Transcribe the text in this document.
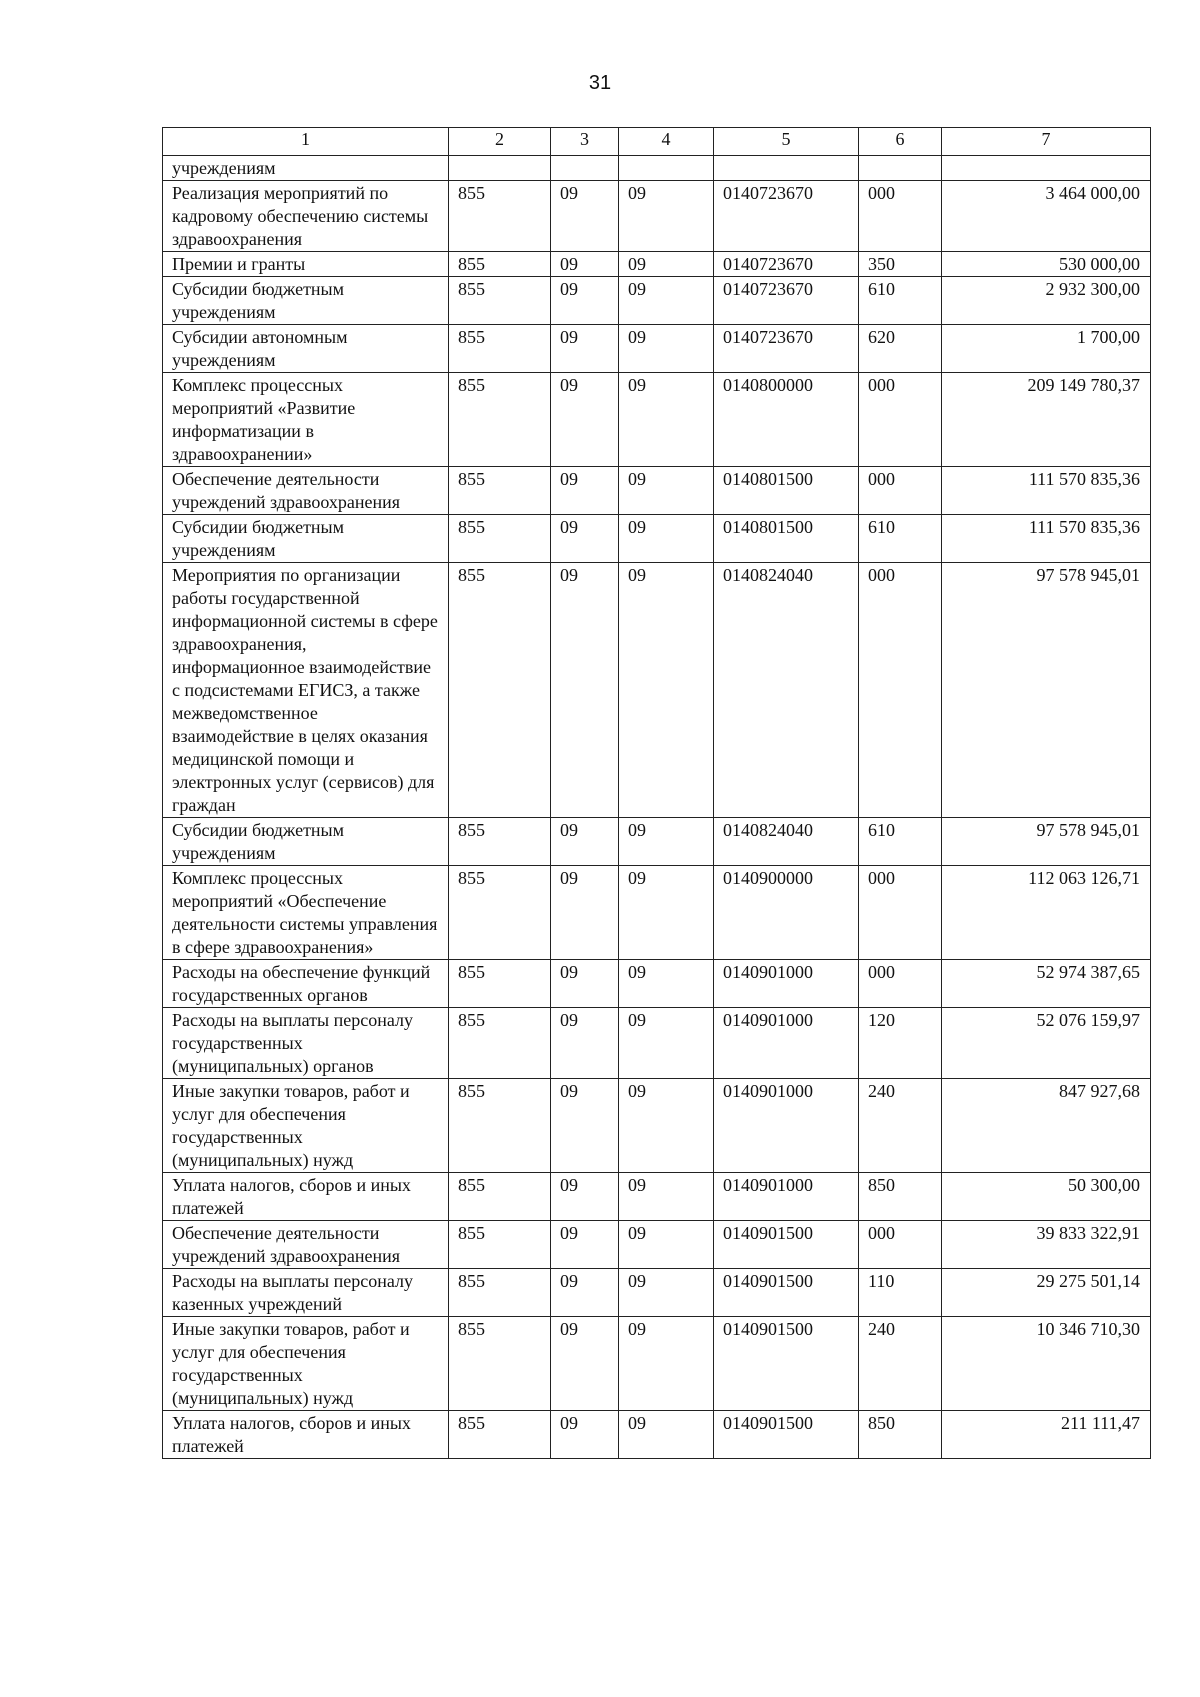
31
1	2	3	4	5	6	7
учреждениям						
Реализация мероприятий по кадровому обеспечению системы здравоохранения	855	09	09	0140723670	000	3 464 000,00
Премии и гранты	855	09	09	0140723670	350	530 000,00
Субсидии бюджетным учреждениям	855	09	09	0140723670	610	2 932 300,00
Субсидии автономным учреждениям	855	09	09	0140723670	620	1 700,00
Комплекс процессных мероприятий «Развитие информатизации в здравоохранении»	855	09	09	0140800000	000	209 149 780,37
Обеспечение деятельности учреждений здравоохранения	855	09	09	0140801500	000	111 570 835,36
Субсидии бюджетным учреждениям	855	09	09	0140801500	610	111 570 835,36
Мероприятия по организации работы государственной информационной системы в сфере здравоохранения, информационное взаимодействие с подсистемами ЕГИСЗ, а также межведомственное взаимодействие в целях оказания медицинской помощи и электронных услуг (сервисов) для граждан	855	09	09	0140824040	000	97 578 945,01
Субсидии бюджетным учреждениям	855	09	09	0140824040	610	97 578 945,01
Комплекс процессных мероприятий «Обеспечение деятельности системы управления в сфере здравоохранения»	855	09	09	0140900000	000	112 063 126,71
Расходы на обеспечение функций государственных органов	855	09	09	0140901000	000	52 974 387,65
Расходы на выплаты персоналу государственных (муниципальных) органов	855	09	09	0140901000	120	52 076 159,97
Иные закупки товаров, работ и услуг для обеспечения государственных (муниципальных) нужд	855	09	09	0140901000	240	847 927,68
Уплата налогов, сборов и иных платежей	855	09	09	0140901000	850	50 300,00
Обеспечение деятельности учреждений здравоохранения	855	09	09	0140901500	000	39 833 322,91
Расходы на выплаты персоналу казенных учреждений	855	09	09	0140901500	110	29 275 501,14
Иные закупки товаров, работ и услуг для обеспечения государственных (муниципальных) нужд	855	09	09	0140901500	240	10 346 710,30
Уплата налогов, сборов и иных платежей	855	09	09	0140901500	850	211 111,47
